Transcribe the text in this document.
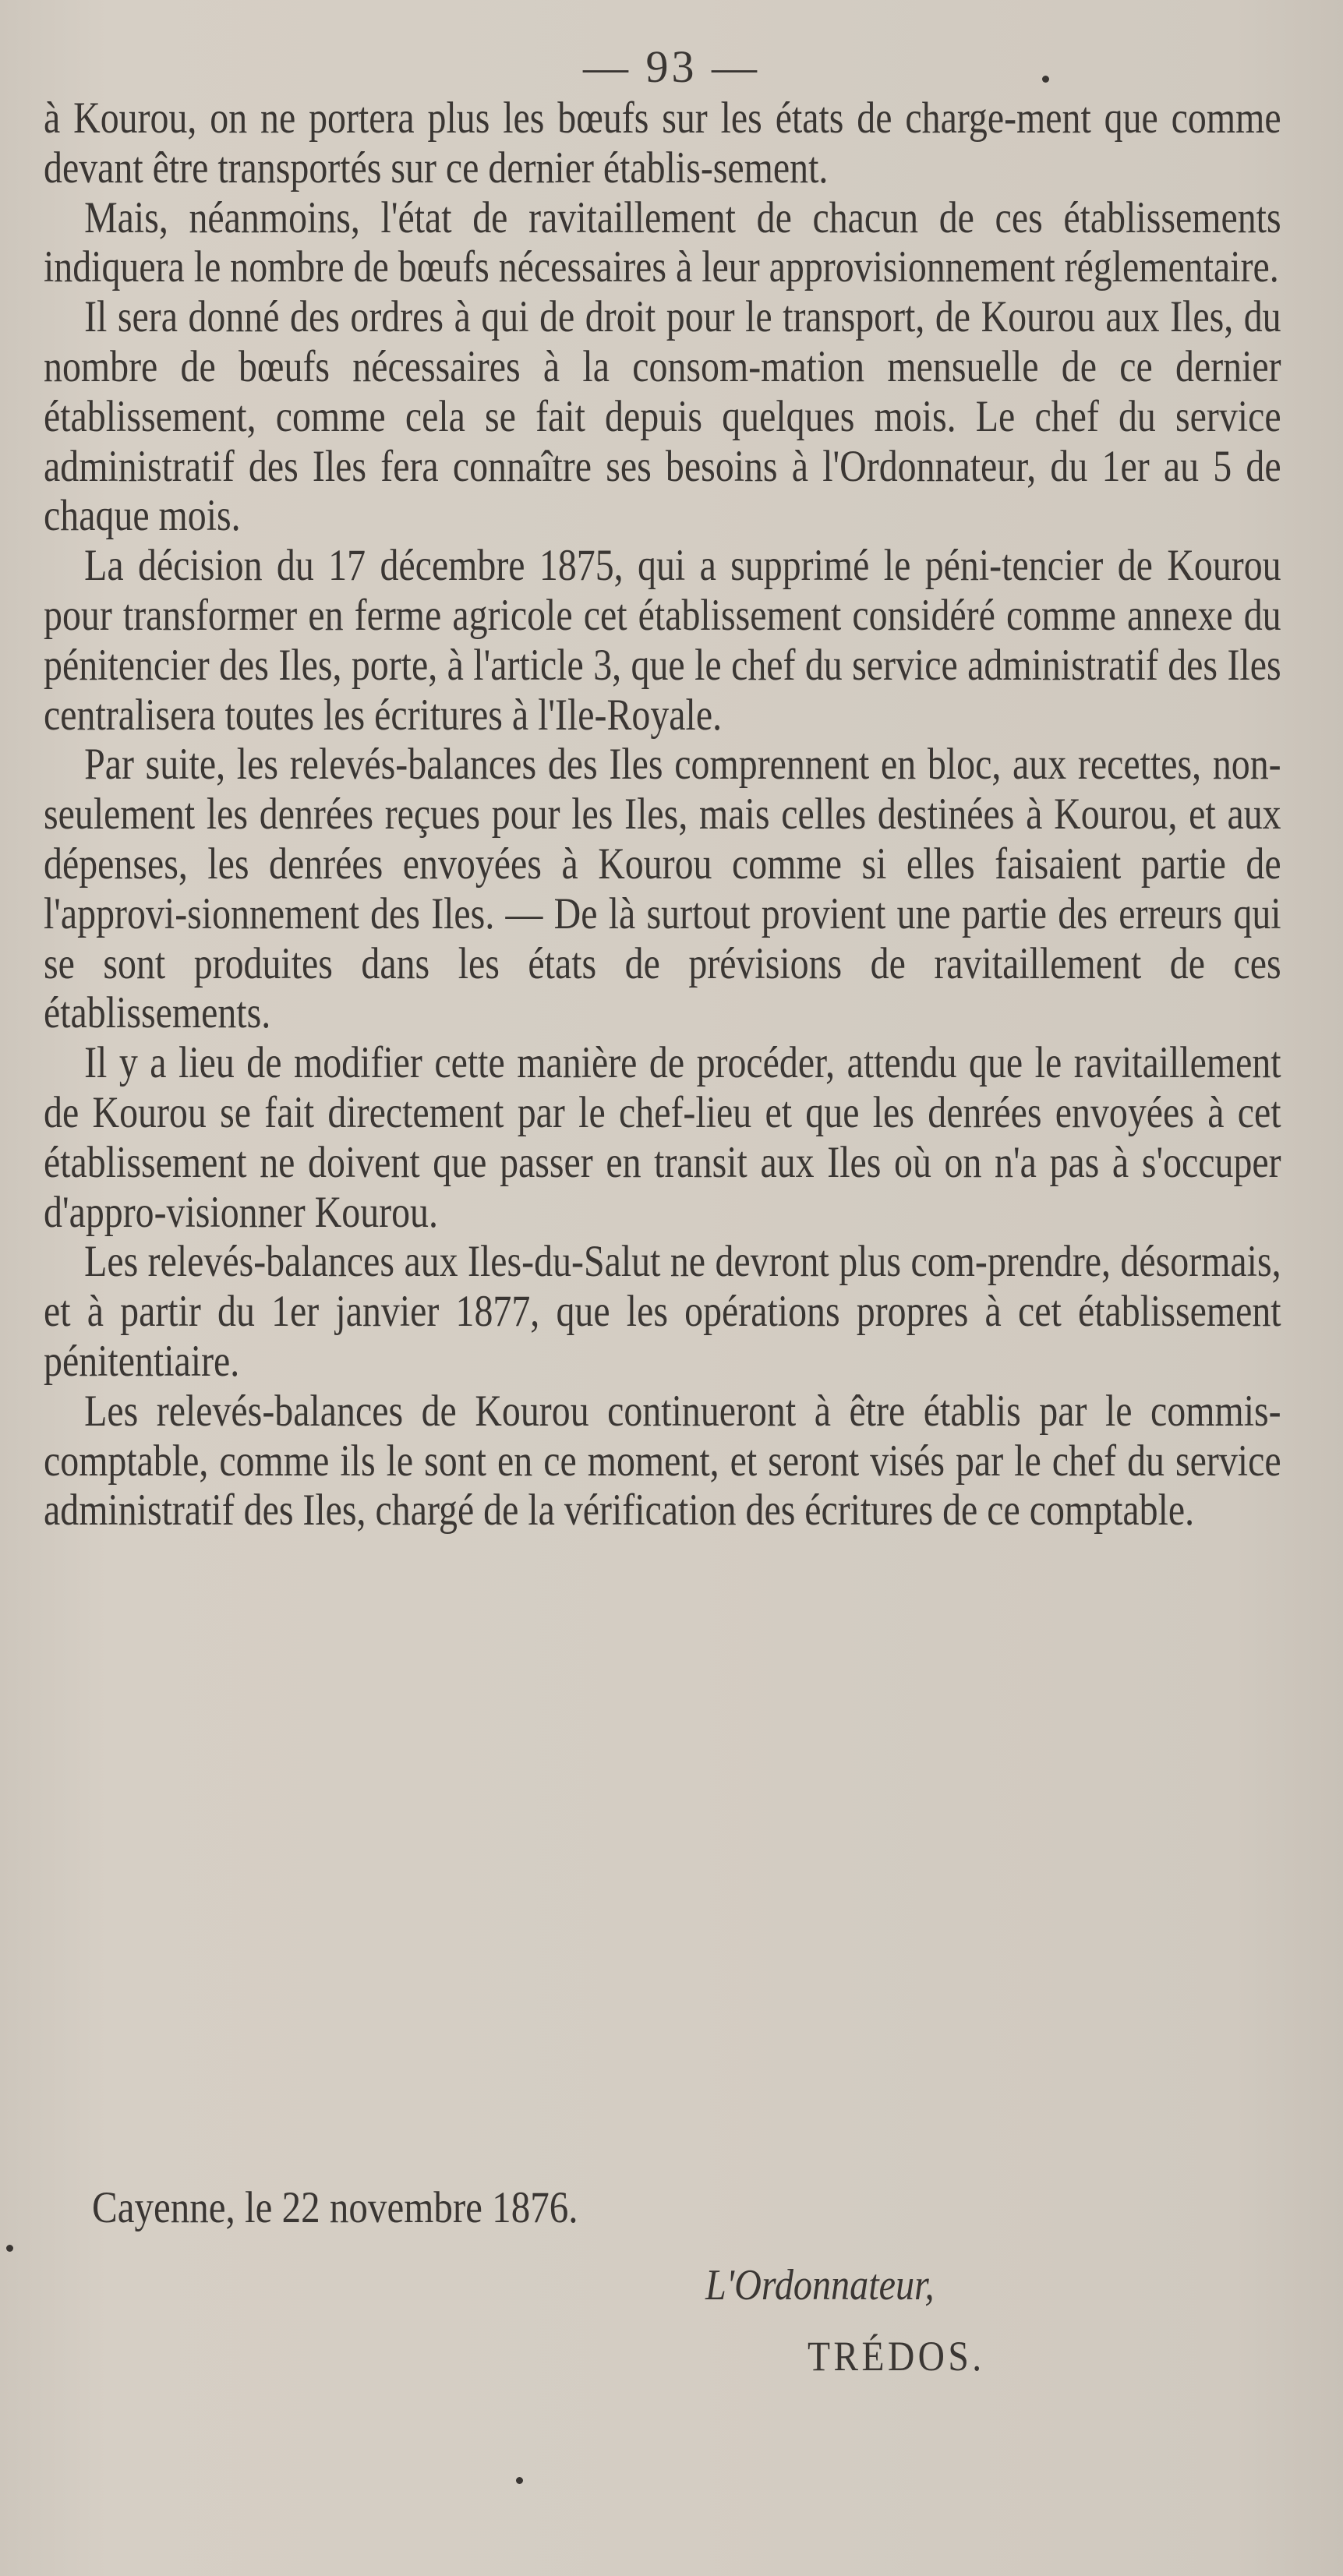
— 93 —

à Kourou, on ne portera plus les bœufs sur les états de charge-ment que comme devant être transportés sur ce dernier établis-sement.

Mais, néanmoins, l'état de ravitaillement de chacun de ces établissements indiquera le nombre de bœufs nécessaires à leur approvisionnement réglementaire.

Il sera donné des ordres à qui de droit pour le transport, de Kourou aux Iles, du nombre de bœufs nécessaires à la consom-mation mensuelle de ce dernier établissement, comme cela se fait depuis quelques mois. Le chef du service administratif des Iles fera connaître ses besoins à l'Ordonnateur, du 1er au 5 de chaque mois.

La décision du 17 décembre 1875, qui a supprimé le péni-tencier de Kourou pour transformer en ferme agricole cet établissement considéré comme annexe du pénitencier des Iles, porte, à l'article 3, que le chef du service administratif des Iles centralisera toutes les écritures à l'Ile-Royale.

Par suite, les relevés-balances des Iles comprennent en bloc, aux recettes, non-seulement les denrées reçues pour les Iles, mais celles destinées à Kourou, et aux dépenses, les denrées envoyées à Kourou comme si elles faisaient partie de l'approvi-sionnement des Iles. — De là surtout provient une partie des erreurs qui se sont produites dans les états de prévisions de ravitaillement de ces établissements.

Il y a lieu de modifier cette manière de procéder, attendu que le ravitaillement de Kourou se fait directement par le chef-lieu et que les denrées envoyées à cet établissement ne doivent que passer en transit aux Iles où on n'a pas à s'occuper d'appro-visionner Kourou.

Les relevés-balances aux Iles-du-Salut ne devront plus com-prendre, désormais, et à partir du 1er janvier 1877, que les opérations propres à cet établissement pénitentiaire.

Les relevés-balances de Kourou continueront à être établis par le commis-comptable, comme ils le sont en ce moment, et seront visés par le chef du service administratif des Iles, chargé de la vérification des écritures de ce comptable.

Cayenne, le 22 novembre 1876.
L'Ordonnateur,
TRÉDOS.
